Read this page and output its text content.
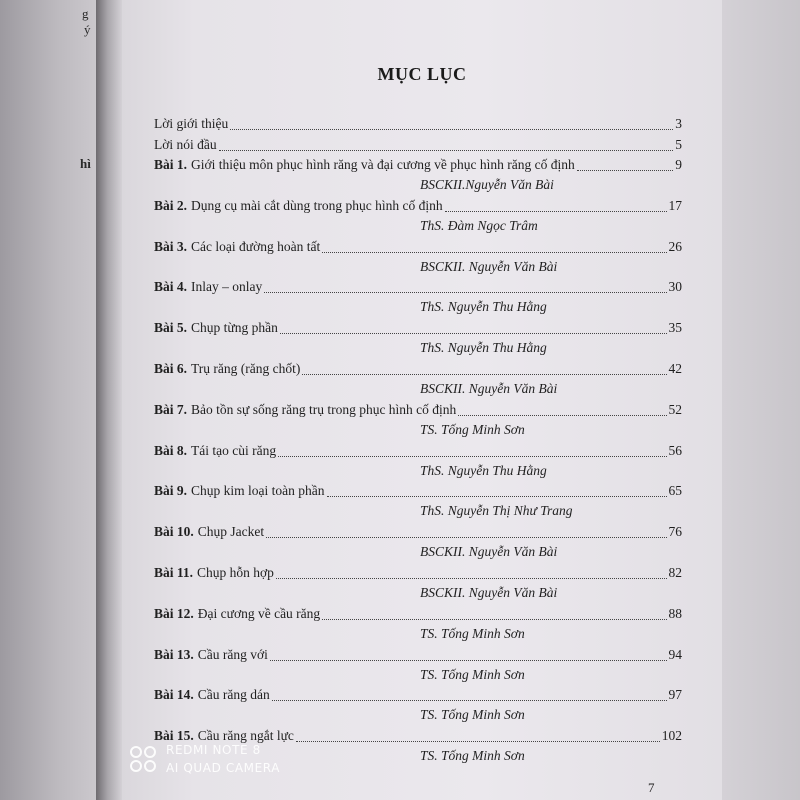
g
ý
hì
MỤC LỤC
Lời giới thiệu	3
Lời nói đầu	5
Bài 1. Giới thiệu môn phục hình răng và đại cương về phục hình răng cố định	9
BSCKII.Nguyễn Văn Bài
Bài 2. Dụng cụ mài cắt dùng trong phục hình cố định	17
ThS. Đàm Ngọc Trâm
Bài 3. Các loại đường hoàn tất	26
BSCKII. Nguyễn Văn Bài
Bài 4. Inlay – onlay	30
ThS. Nguyễn Thu Hằng
Bài 5. Chụp từng phần	35
ThS. Nguyễn Thu Hằng
Bài 6. Trụ răng (răng chốt)	42
BSCKII. Nguyễn Văn Bài
Bài 7. Bảo tồn sự sống răng trụ trong phục hình cố định	52
TS. Tống Minh Sơn
Bài 8. Tái tạo cùi răng	56
ThS. Nguyễn Thu Hằng
Bài 9. Chụp kim loại toàn phần	65
ThS. Nguyễn Thị Như Trang
Bài 10. Chụp Jacket	76
BSCKII. Nguyễn Văn Bài
Bài 11. Chụp hỗn hợp	82
BSCKII. Nguyễn Văn Bài
Bài 12. Đại cương về cầu răng	88
TS. Tống Minh Sơn
Bài 13. Cầu răng với	94
TS. Tống Minh Sơn
Bài 14. Cầu răng dán	97
TS. Tống Minh Sơn
Bài 15. Cầu răng ngắt lực	102
TS. Tống Minh Sơn
7
REDMI NOTE 8
AI QUAD CAMERA
